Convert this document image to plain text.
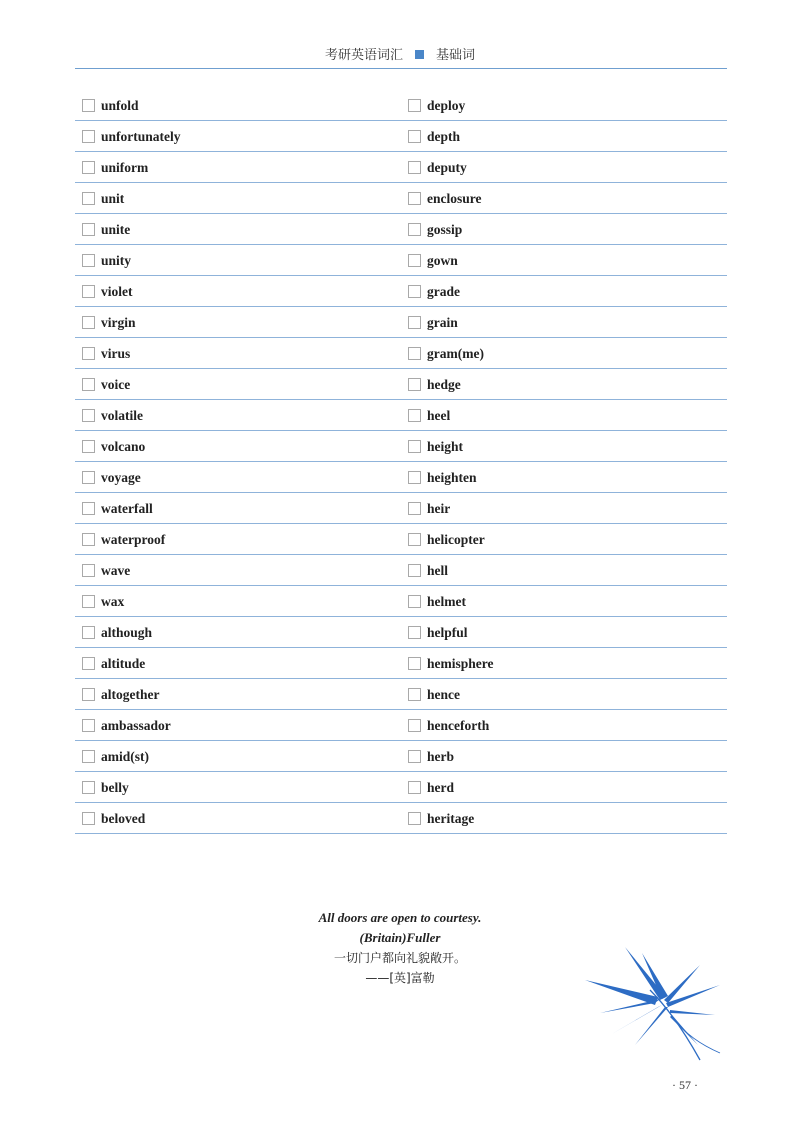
考研英语词汇	基础词
unfold	deploy
unfortunately	depth
uniform	deputy
unit	enclosure
unite	gossip
unity	gown
violet	grade
virgin	grain
virus	gram(me)
voice	hedge
volatile	heel
volcano	height
voyage	heighten
waterfall	heir
waterproof	helicopter
wave	hell
wax	helmet
although	helpful
altitude	hemisphere
altogether	hence
ambassador	henceforth
amid(st)	herb
belly	herd
beloved	heritage
All doors are open to courtesy.
(Britain)Fuller
一切门户都向礼貌敞开。
——[英]富勒
· 57 ·
